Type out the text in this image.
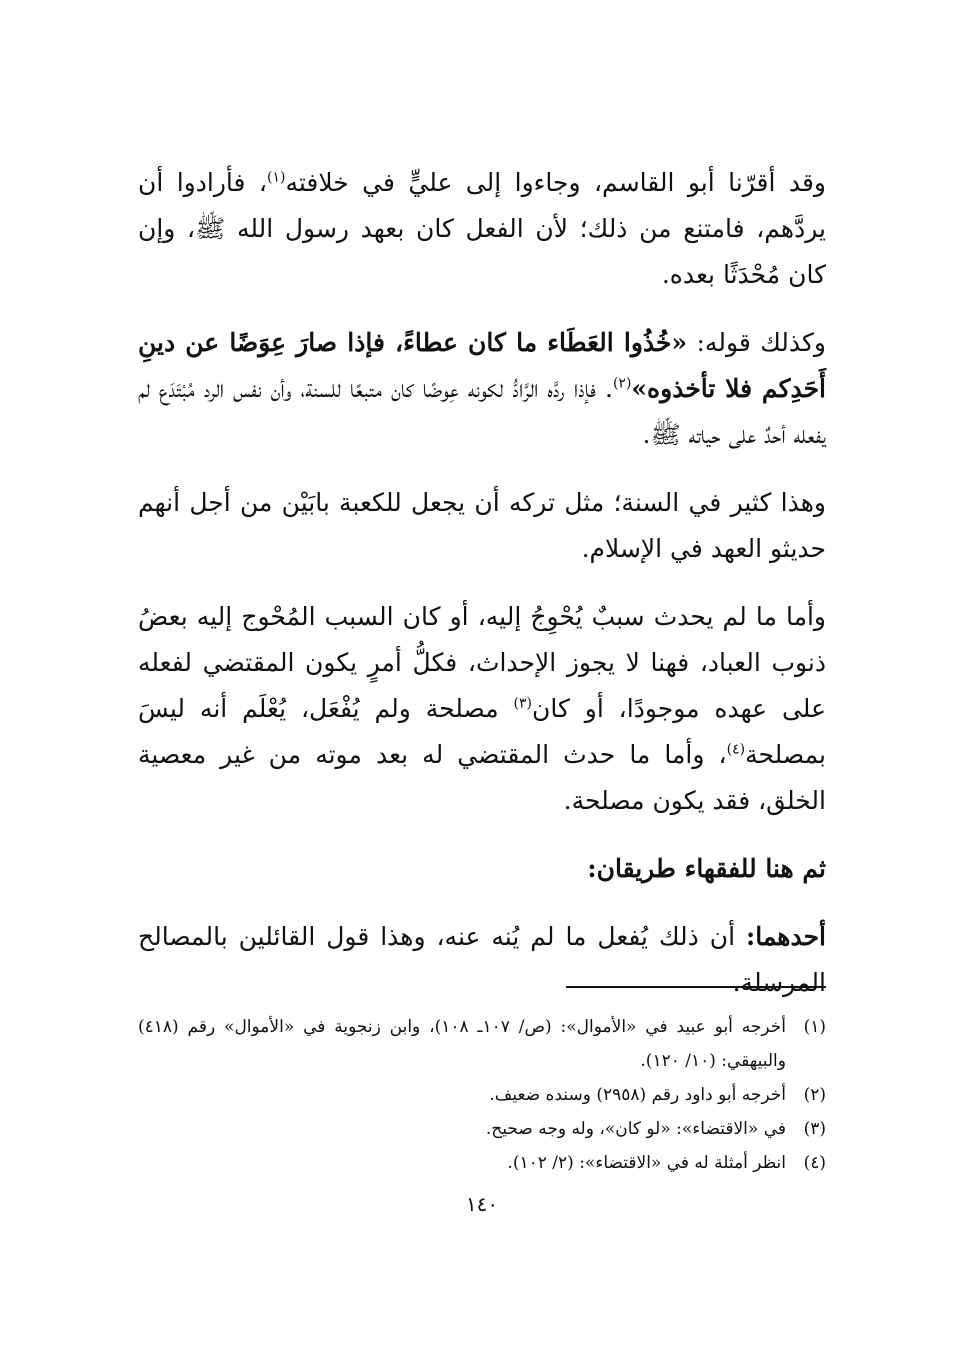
وقد أقرّنا أبو القاسم، وجاءوا إلى عليٍّ في خلافته$^{(١)}$، فأرادوا أن يردَّهم، فامتنع من ذلك؛ لأن الفعل كان بعهد رسول الله ﷺ، وإن كان مُحْدَثًا بعده.

وكذلك قوله: «خُذُوا العَطَاء ما كان عطاءً، فإذا صارَ عِوَضًا عن دينِ أَحَدِكم فلا تأخذوه»$^{(٢)}$. فإذا ردَّه الرَّادُّ لكونه عِوضًا كان متبعًا للسنة، وأن نفس الرد مُبْتَدَع لم يفعله أحدٌ على حياته ﷺ.

وهذا كثير في السنة؛ مثل تركه أن يجعل للكعبة بابَيْن من أجل أنهم حديثو العهد في الإسلام.

وأما ما لم يحدث سببٌ يُحْوِجُ إليه، أو كان السبب المُحْوج إليه بعضُ ذنوب العباد، فهنا لا يجوز الإحداث، فكلُّ أمرٍ يكون المقتضي لفعله على عهده موجودًا، أو كان$^{(٣)}$ مصلحة ولم يُفْعَل، يُعْلَم أنه ليسَ بمصلحة$^{(٤)}$، وأما ما حدث المقتضي له بعد موته من غير معصية الخلق، فقد يكون مصلحة.

ثم هنا للفقهاء طريقان:

أحدهما: أن ذلك يُفعل ما لم يُنه عنه، وهذا قول القائلين بالمصالح المرسلة.

(١)
أخرجه أبو عبيد في «الأموال»: (ص/ ١٠٧ـ ١٠٨)، وابن زنجوية في «الأموال» رقم (٤١٨) والبيهقي: (١٠/ ١٢٠).
(٢)
أخرجه أبو داود رقم (٢٩٥٨) وسنده ضعيف.
(٣)
في «الاقتضاء»: «لو كان»، وله وجه صحيح.
(٤)
انظر أمثلة له في «الاقتضاء»: (٢/ ١٠٢).
١٤٠
